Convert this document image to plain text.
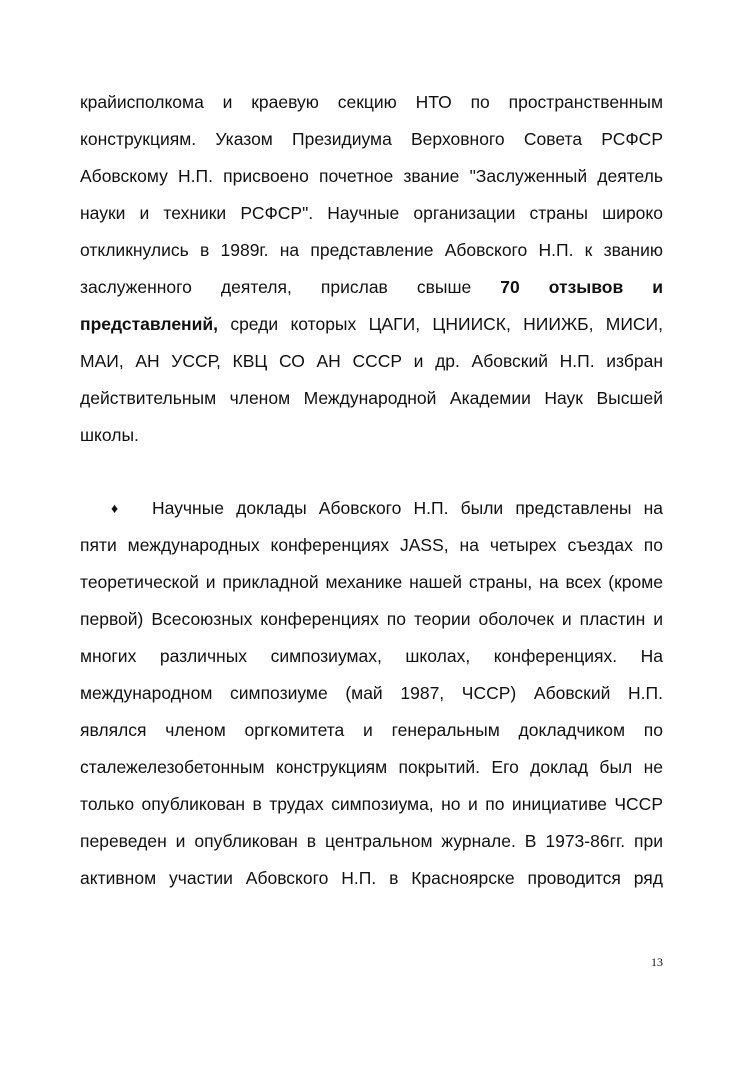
крайисполкома и краевую секцию НТО по пространственным
конструкциям. Указом Президиума Верховного Совета РСФСР
Абовскому Н.П. присвоено почетное звание "Заслуженный деятель
науки и техники РСФСР". Научные организации страны широко
откликнулись в 1989г. на представление Абовского Н.П. к званию
заслуженного деятеля, прислав свыше 70 отзывов и
представлений, среди которых ЦАГИ, ЦНИИСК, НИИЖБ, МИСИ,
МАИ, АН УССР, КВЦ СО АН СССР и др. Абовский Н.П. избран
действительным членом Международной Академии Наук Высшей
школы.
♦ Научные доклады Абовского Н.П. были представлены на
пяти международных конференциях JASS, на четырех съездах по
теоретической и прикладной механике нашей страны, на всех (кроме
первой) Всесоюзных конференциях по теории оболочек и пластин и
многих различных симпозиумах, школах, конференциях. На
международном симпозиуме (май 1987, ЧССР) Абовский Н.П.
являлся членом оргкомитета и генеральным докладчиком по
сталежелезобетонным конструкциям покрытий. Его доклад был не
только опубликован в трудах симпозиума, но и по инициативе ЧССР
переведен и опубликован в центральном журнале. В 1973-86гг. при
активном участии Абовского Н.П. в Красноярске проводится ряд
13
